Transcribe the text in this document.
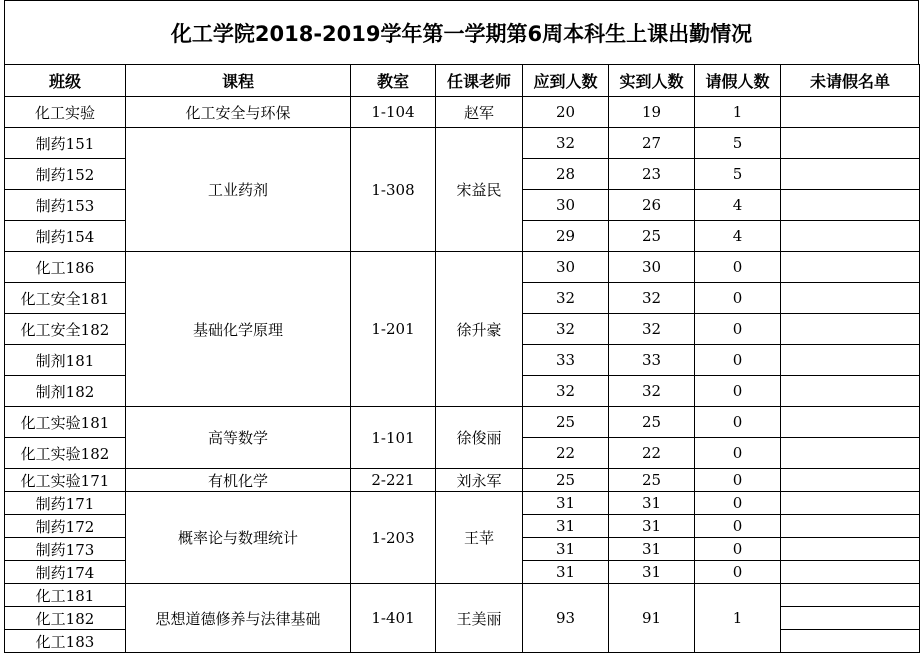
化工学院2018-2019学年第一学期第6周本科生上课出勤情况
班级	课程	教室	任课老师	应到人数	实到人数	请假人数	未请假名单
化工实验	化工安全与环保	1-104	赵军	20	19	1	
制药151	工业药剂	1-308	宋益民	32	27	5	
制药152				28	23	5	
制药153				30	26	4	
制药154				29	25	4	
化工186	基础化学原理	1-201	徐升豪	30	30	0	
化工安全181				32	32	0	
化工安全182				32	32	0	
制剂181				33	33	0	
制剂182				32	32	0	
化工实验181	高等数学	1-101	徐俊丽	25	25	0	
化工实验182				22	22	0	
化工实验171	有机化学	2-221	刘永军	25	25	0	
制药171	概率论与数理统计	1-203	王苹	31	31	0	
制药172				31	31	0	
制药173				31	31	0	
制药174				31	31	0	
化工181	思想道德修养与法律基础	1-401	王美丽	93	91	1	
化工182							
化工183							
